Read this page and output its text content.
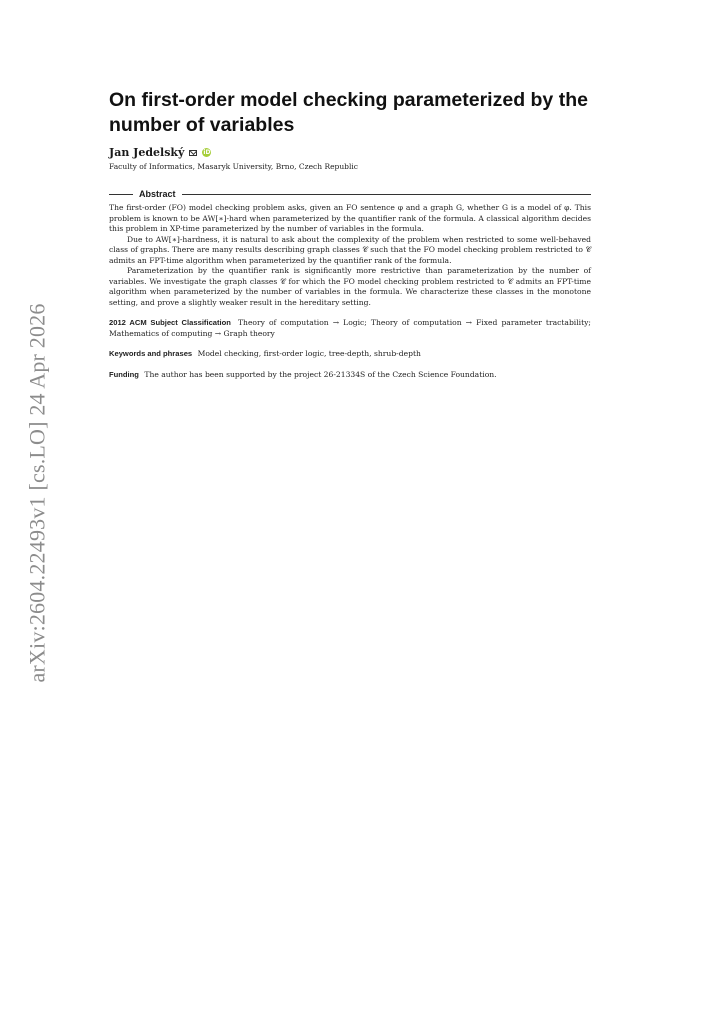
arXiv:2604.22493v1 [cs.LO] 24 Apr 2026
On first-order model checking parameterized by the number of variables
Jan Jedelský	iD
Faculty of Informatics, Masaryk University, Brno, Czech Republic
Abstract

The first-order (FO) model checking problem asks, given an FO sentence φ and a graph G, whether G is a model of φ. This problem is known to be AW[∗]-hard when parameterized by the quantifier rank of the formula. A classical algorithm decides this problem in XP-time parameterized by the number of variables in the formula.

Due to AW[∗]-hardness, it is natural to ask about the complexity of the problem when restricted to some well-behaved class of graphs. There are many results describing graph classes 𝒞 such that the FO model checking problem restricted to 𝒞 admits an FPT-time algorithm when parameterized by the quantifier rank of the formula.

Parameterization by the quantifier rank is significantly more restrictive than parameterization by the number of variables. We investigate the graph classes 𝒞 for which the FO model checking problem restricted to 𝒞 admits an FPT-time algorithm when parameterized by the number of variables in the formula. We characterize these classes in the monotone setting, and prove a slightly weaker result in the hereditary setting.

2012 ACM Subject Classification Theory of computation → Logic; Theory of computation → Fixed parameter tractability; Mathematics of computing → Graph theory
Keywords and phrases Model checking, first-order logic, tree-depth, shrub-depth
Funding The author has been supported by the project 26-21334S of the Czech Science Foundation.
